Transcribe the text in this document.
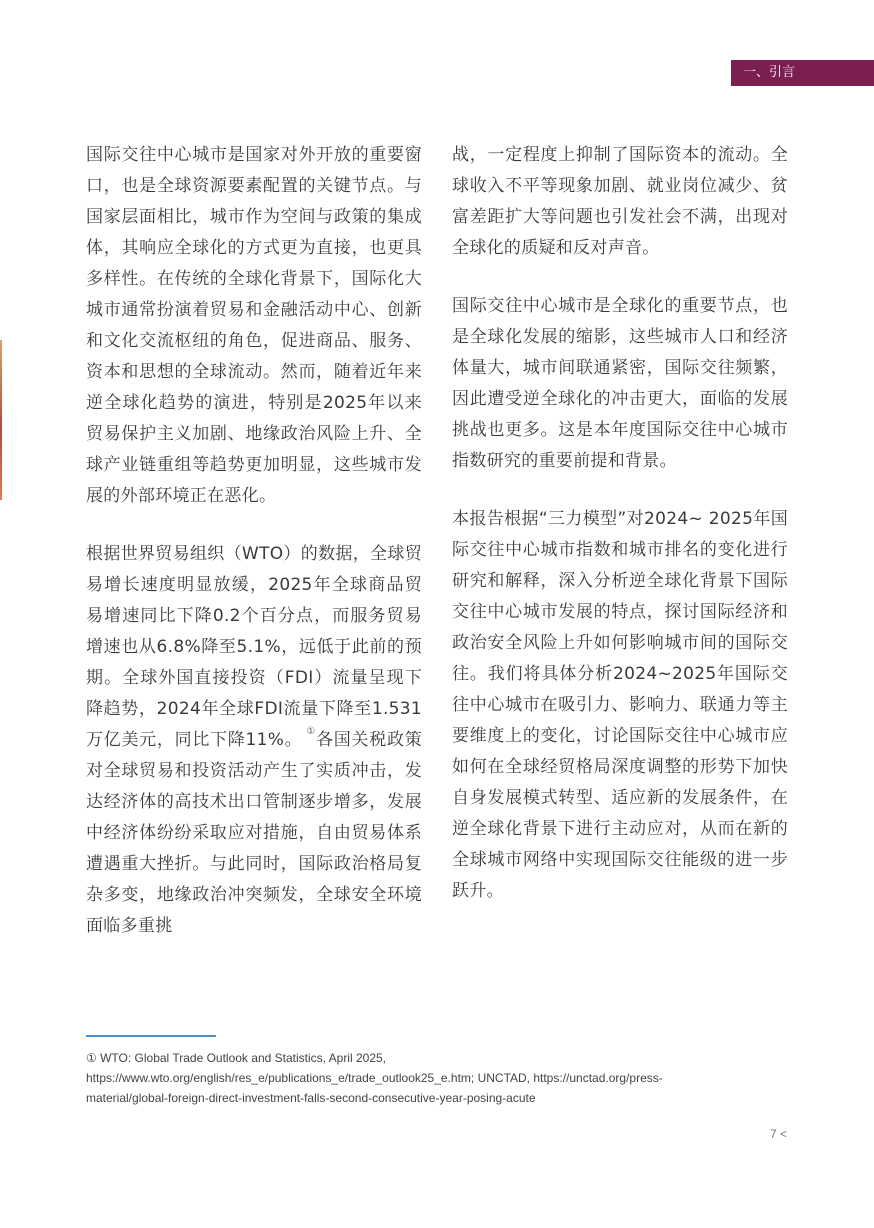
一、引言

国际交往中心城市是国家对外开放的重要窗口，也是全球资源要素配置的关键节点。与国家层面相比，城市作为空间与政策的集成体，其响应全球化的方式更为直接，也更具多样性。在传统的全球化背景下，国际化大城市通常扮演着贸易和金融活动中心、创新和文化交流枢纽的角色，促进商品、服务、资本和思想的全球流动。然而，随着近年来逆全球化趋势的演进，特别是2025年以来贸易保护主义加剧、地缘政治风险上升、全球产业链重组等趋势更加明显，这些城市发展的外部环境正在恶化。

根据世界贸易组织（WTO）的数据，全球贸易增长速度明显放缓，2025年全球商品贸易增速同比下降0.2个百分点，而服务贸易增速也从6.8%降至5.1%，远低于此前的预期。全球外国直接投资（FDI）流量呈现下降趋势，2024年全球FDI流量下降至1.531万亿美元，同比下降11%。 ①各国关税政策对全球贸易和投资活动产生了实质冲击，发达经济体的高技术出口管制逐步增多，发展中经济体纷纷采取应对措施，自由贸易体系遭遇重大挫折。与此同时，国际政治格局复杂多变，地缘政治冲突频发，全球安全环境面临多重挑

战，一定程度上抑制了国际资本的流动。全球收入不平等现象加剧、就业岗位减少、贫富差距扩大等问题也引发社会不满，出现对全球化的质疑和反对声音。

国际交往中心城市是全球化的重要节点，也是全球化发展的缩影，这些城市人口和经济体量大，城市间联通紧密，国际交往频繁，因此遭受逆全球化的冲击更大，面临的发展挑战也更多。这是本年度国际交往中心城市指数研究的重要前提和背景。

本报告根据“三力模型”对2024~ 2025年国际交往中心城市指数和城市排名的变化进行研究和解释，深入分析逆全球化背景下国际交往中心城市发展的特点，探讨国际经济和政治安全风险上升如何影响城市间的国际交往。我们将具体分析2024~2025年国际交往中心城市在吸引力、影响力、联通力等主要维度上的变化，讨论国际交往中心城市应如何在全球经贸格局深度调整的形势下加快自身发展模式转型、适应新的发展条件，在逆全球化背景下进行主动应对，从而在新的全球城市网络中实现国际交往能级的进一步跃升。

① WTO: Global Trade Outlook and Statistics, April 2025,
https://www.wto.org/english/res_e/publications_e/trade_outlook25_e.htm; UNCTAD, https://unctad.org/press-
material/global-foreign-direct-investment-falls-second-consecutive-year-posing-acute
7 <
